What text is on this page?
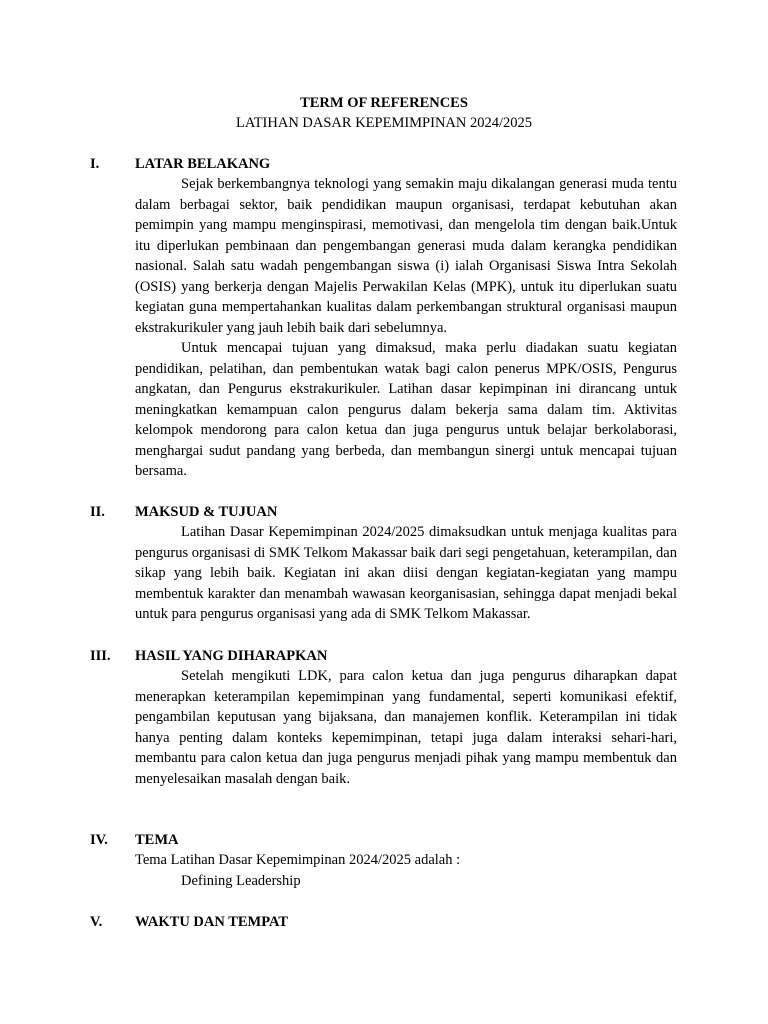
TERM OF REFERENCES
LATIHAN DASAR KEPEMIMPINAN 2024/2025
I. LATAR BELAKANG

Sejak berkembangnya teknologi yang semakin maju dikalangan generasi muda tentu dalam berbagai sektor, baik pendidikan maupun organisasi, terdapat kebutuhan akan pemimpin yang mampu menginspirasi, memotivasi, dan mengelola tim dengan baik.Untuk itu diperlukan pembinaan dan pengembangan generasi muda dalam kerangka pendidikan nasional. Salah satu wadah pengembangan siswa (i) ialah Organisasi Siswa Intra Sekolah (OSIS) yang berkerja dengan Majelis Perwakilan Kelas (MPK), untuk itu diperlukan suatu kegiatan guna mempertahankan kualitas dalam perkembangan struktural organisasi maupun ekstrakurikuler yang jauh lebih baik dari sebelumnya.

Untuk mencapai tujuan yang dimaksud, maka perlu diadakan suatu kegiatan pendidikan, pelatihan, dan pembentukan watak bagi calon penerus MPK/OSIS, Pengurus angkatan, dan Pengurus ekstrakurikuler. Latihan dasar kepimpinan ini dirancang untuk meningkatkan kemampuan calon pengurus dalam bekerja sama dalam tim. Aktivitas kelompok mendorong para calon ketua dan juga pengurus untuk belajar berkolaborasi, menghargai sudut pandang yang berbeda, dan membangun sinergi untuk mencapai tujuan bersama.

II. MAKSUD & TUJUAN

Latihan Dasar Kepemimpinan 2024/2025 dimaksudkan untuk menjaga kualitas para pengurus organisasi di SMK Telkom Makassar baik dari segi pengetahuan, keterampilan, dan sikap yang lebih baik. Kegiatan ini akan diisi dengan kegiatan-kegiatan yang mampu membentuk karakter dan menambah wawasan keorganisasian, sehingga dapat menjadi bekal untuk para pengurus organisasi yang ada di SMK Telkom Makassar.

III. HASIL YANG DIHARAPKAN

Setelah mengikuti LDK, para calon ketua dan juga pengurus diharapkan dapat menerapkan keterampilan kepemimpinan yang fundamental, seperti komunikasi efektif, pengambilan keputusan yang bijaksana, dan manajemen konflik. Keterampilan ini tidak hanya penting dalam konteks kepemimpinan, tetapi juga dalam interaksi sehari-hari, membantu para calon ketua dan juga pengurus menjadi pihak yang mampu membentuk dan menyelesaikan masalah dengan baik.

IV. TEMA

Tema Latihan Dasar Kepemimpinan 2024/2025 adalah :

Defining Leadership

V. WAKTU DAN TEMPAT
